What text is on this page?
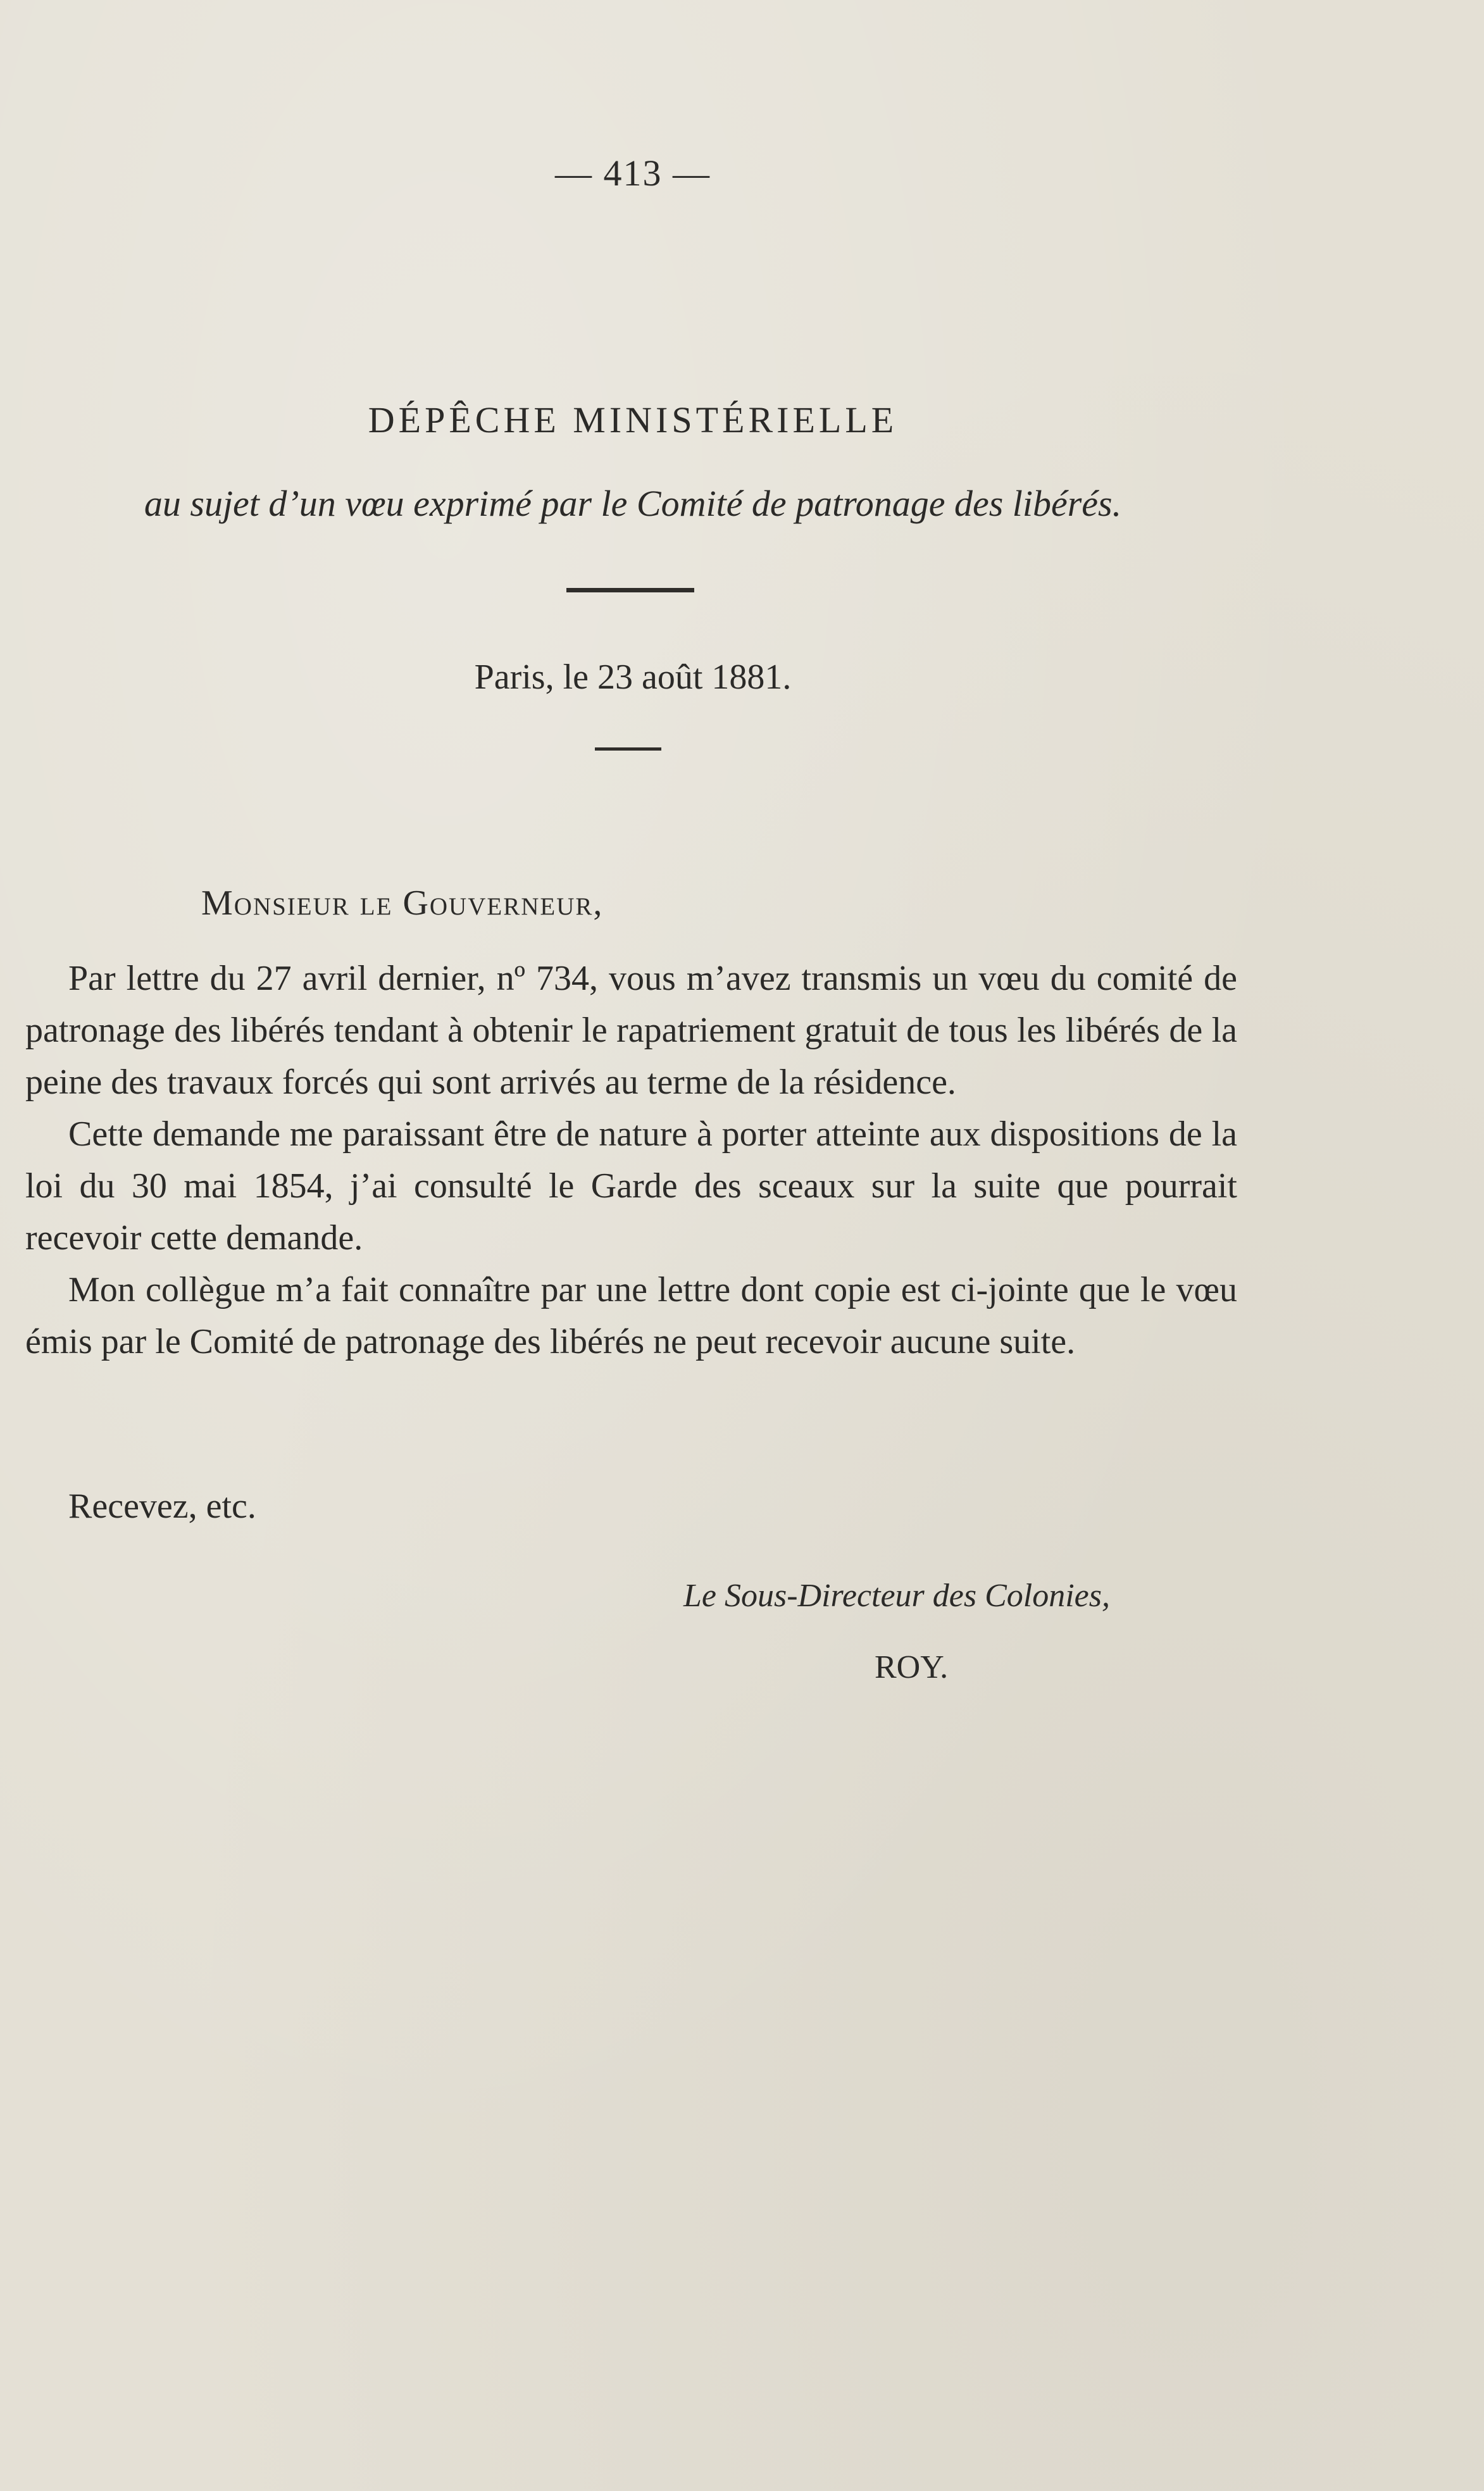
— 413 —
DÉPÊCHE MINISTÉRIELLE
au sujet d’un vœu exprimé par le Comité de patronage des libérés.
Paris, le 23 août 1881.
Monsieur le Gouverneur,

Par lettre du 27 avril dernier, nº 734, vous m’avez transmis un vœu du comité de patronage des libérés tendant à obtenir le rapatriement gratuit de tous les libérés de la peine des travaux forcés qui sont arrivés au terme de la résidence.

Cette demande me paraissant être de nature à porter atteinte aux dispositions de la loi du 30 mai 1854, j’ai consulté le Garde des sceaux sur la suite que pourrait recevoir cette demande.

Mon collègue m’a fait connaître par une lettre dont copie est ci-jointe que le vœu émis par le Comité de patronage des libérés ne peut recevoir aucune suite.

Recevez, etc.
Le Sous-Directeur des Colonies,
ROY.
